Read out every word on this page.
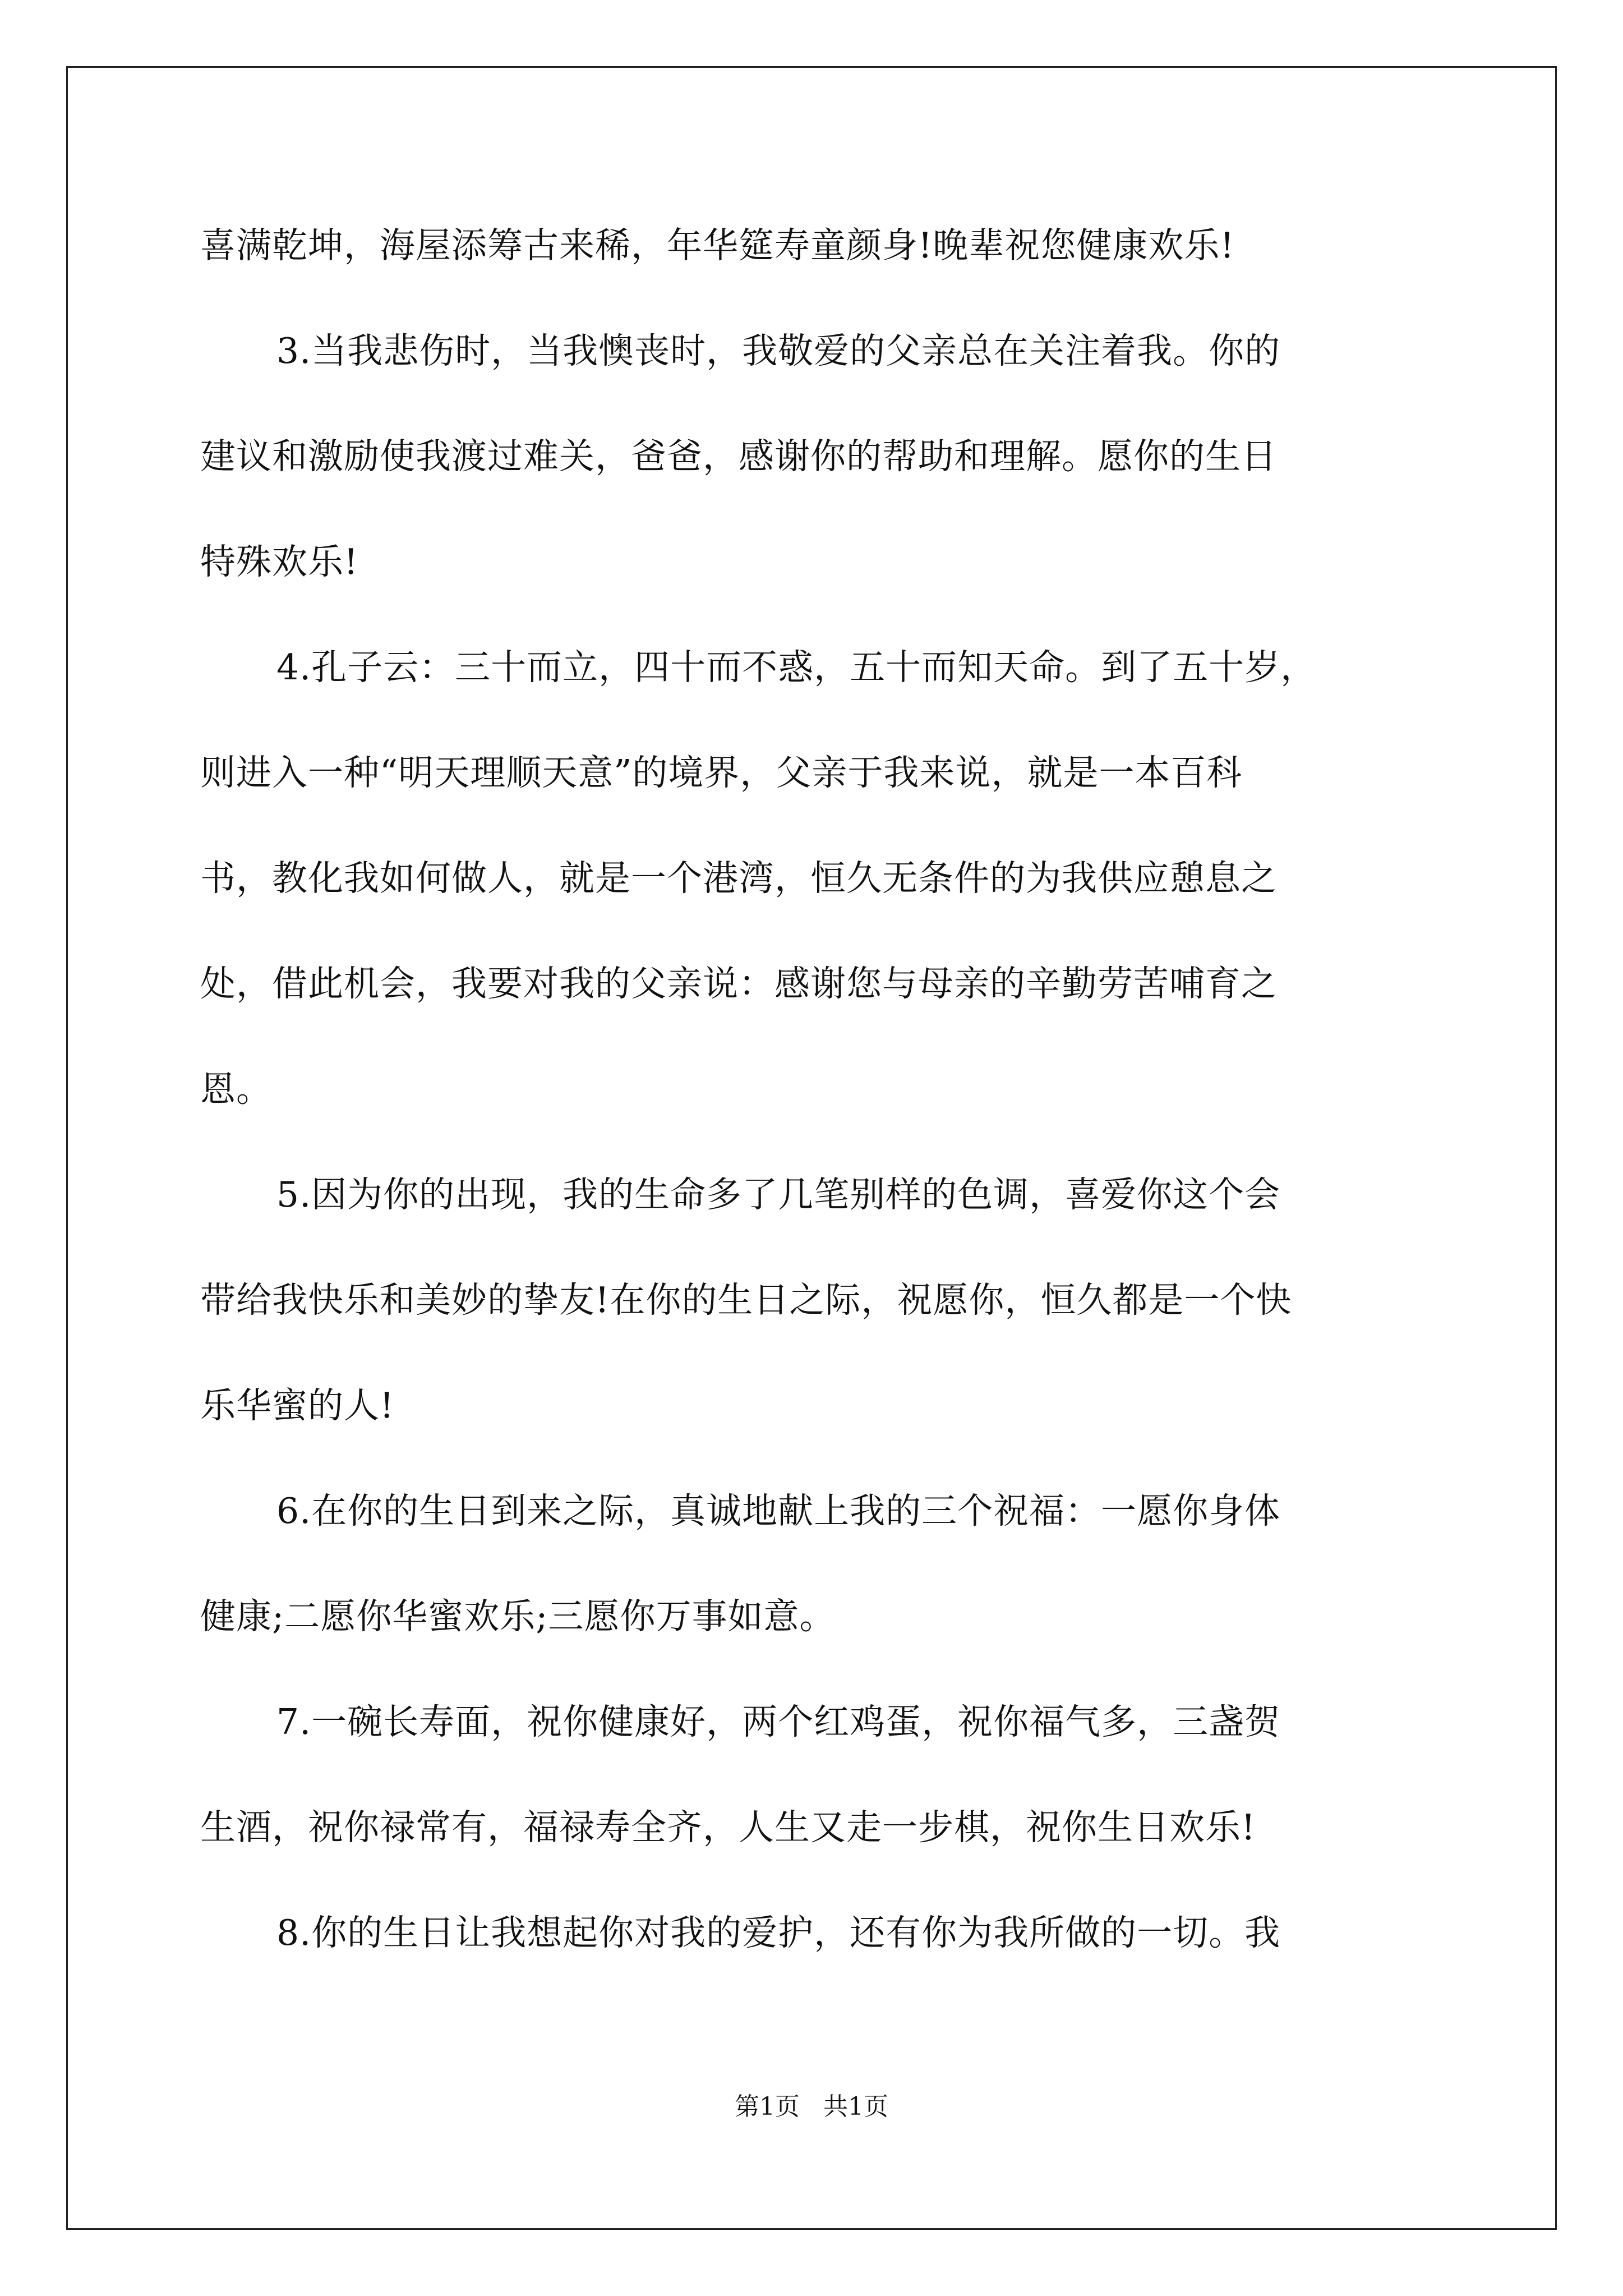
喜满乾坤，海屋添筹古来稀，年华筵寿童颜身!晚辈祝您健康欢乐!
3.当我悲伤时，当我懊丧时，我敬爱的父亲总在关注着我。你的
建议和激励使我渡过难关，爸爸，感谢你的帮助和理解。愿你的生日
特殊欢乐!
4.孔子云：三十而立，四十而不惑，五十而知天命。到了五十岁，
则进入一种“明天理顺天意”的境界，父亲于我来说，就是一本百科
书，教化我如何做人，就是一个港湾，恒久无条件的为我供应憩息之
处，借此机会，我要对我的父亲说：感谢您与母亲的辛勤劳苦哺育之
恩。
5.因为你的出现，我的生命多了几笔别样的色调，喜爱你这个会
带给我快乐和美妙的挚友!在你的生日之际，祝愿你，恒久都是一个快
乐华蜜的人!
6.在你的生日到来之际，真诚地献上我的三个祝福：一愿你身体
健康;二愿你华蜜欢乐;三愿你万事如意。
7.一碗长寿面，祝你健康好，两个红鸡蛋，祝你福气多，三盏贺
生酒，祝你禄常有，福禄寿全齐，人生又走一步棋，祝你生日欢乐!
8.你的生日让我想起你对我的爱护，还有你为我所做的一切。我
第1页 共1页
